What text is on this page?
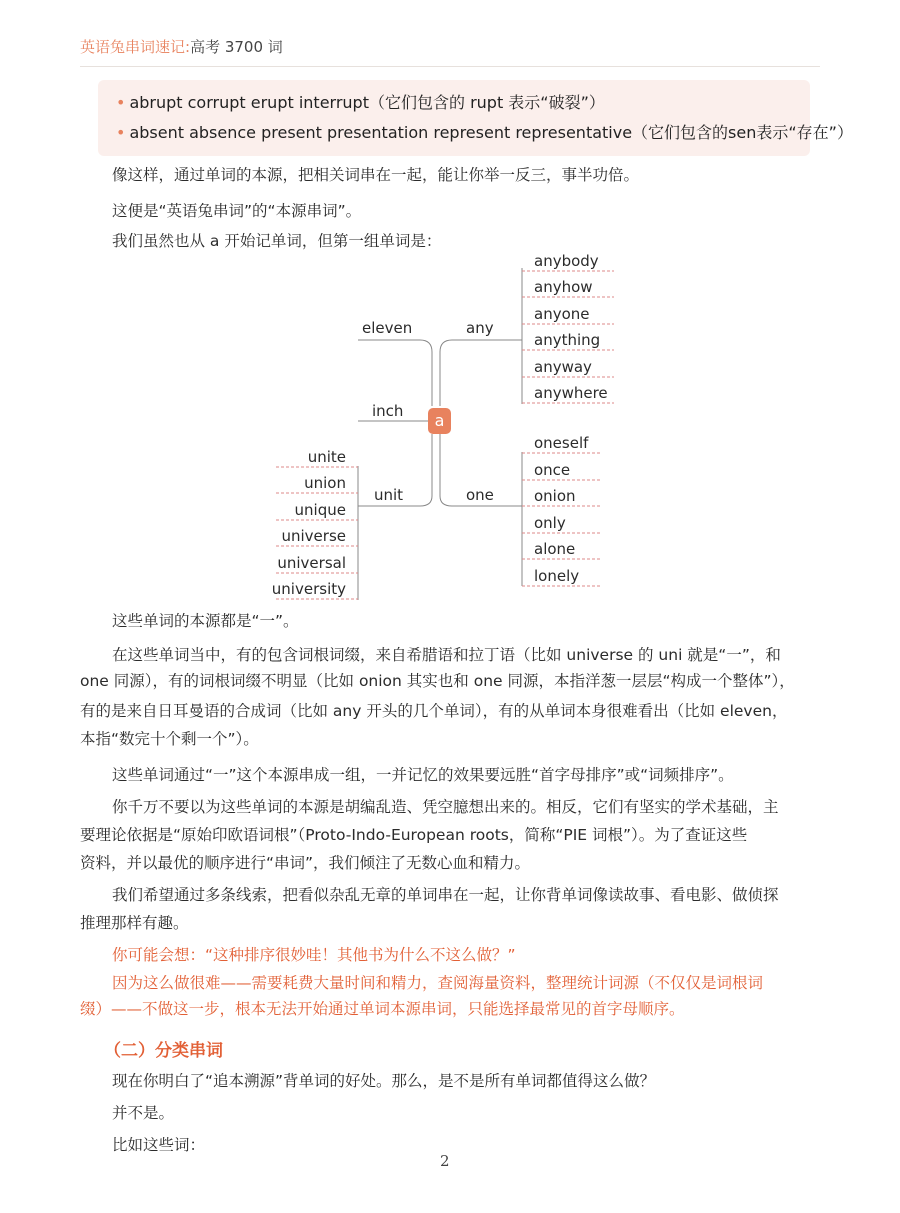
英语兔串词速记:高考 3700 词

• abrupt corrupt erupt interrupt（它们包含的 rupt 表示“破裂”）

• absent absence present presentation represent representative（它们包含的sen表示“存在”）

像这样，通过单词的本源，把相关词串在一起，能让你举一反三，事半功倍。

这便是“英语兔串词”的“本源串词”。

我们虽然也从 a 开始记单词，但第一组单词是：

a
eleven
inch
any
one
unit
anybody
anyhow
anyone
anything
anyway
anywhere
oneself
once
onion
only
alone
lonely
unite
union
unique
universe
universal
university

这些单词的本源都是“一”。

在这些单词当中，有的包含词根词缀，来自希腊语和拉丁语（比如 universe 的 uni 就是“一”，和

one 同源），有的词根词缀不明显（比如 onion 其实也和 one 同源，本指洋葱一层层“构成一个整体”），

有的是来自日耳曼语的合成词（比如 any 开头的几个单词），有的从单词本身很难看出（比如 eleven，

本指“数完十个剩一个”）。

这些单词通过“一”这个本源串成一组，一并记忆的效果要远胜“首字母排序”或“词频排序”。

你千万不要以为这些单词的本源是胡编乱造、凭空臆想出来的。相反，它们有坚实的学术基础，主

要理论依据是“原始印欧语词根”（Proto-Indo-European roots，简称“PIE 词根”）。为了查证这些

资料，并以最优的顺序进行“串词”，我们倾注了无数心血和精力。

我们希望通过多条线索，把看似杂乱无章的单词串在一起，让你背单词像读故事、看电影、做侦探

推理那样有趣。

你可能会想：“这种排序很妙哇！其他书为什么不这么做？”

因为这么做很难——需要耗费大量时间和精力，查阅海量资料，整理统计词源（不仅仅是词根词

缀）——不做这一步，根本无法开始通过单词本源串词，只能选择最常见的首字母顺序。

（二）分类串词

现在你明白了“追本溯源”背单词的好处。那么，是不是所有单词都值得这么做？

并不是。

比如这些词：

2
